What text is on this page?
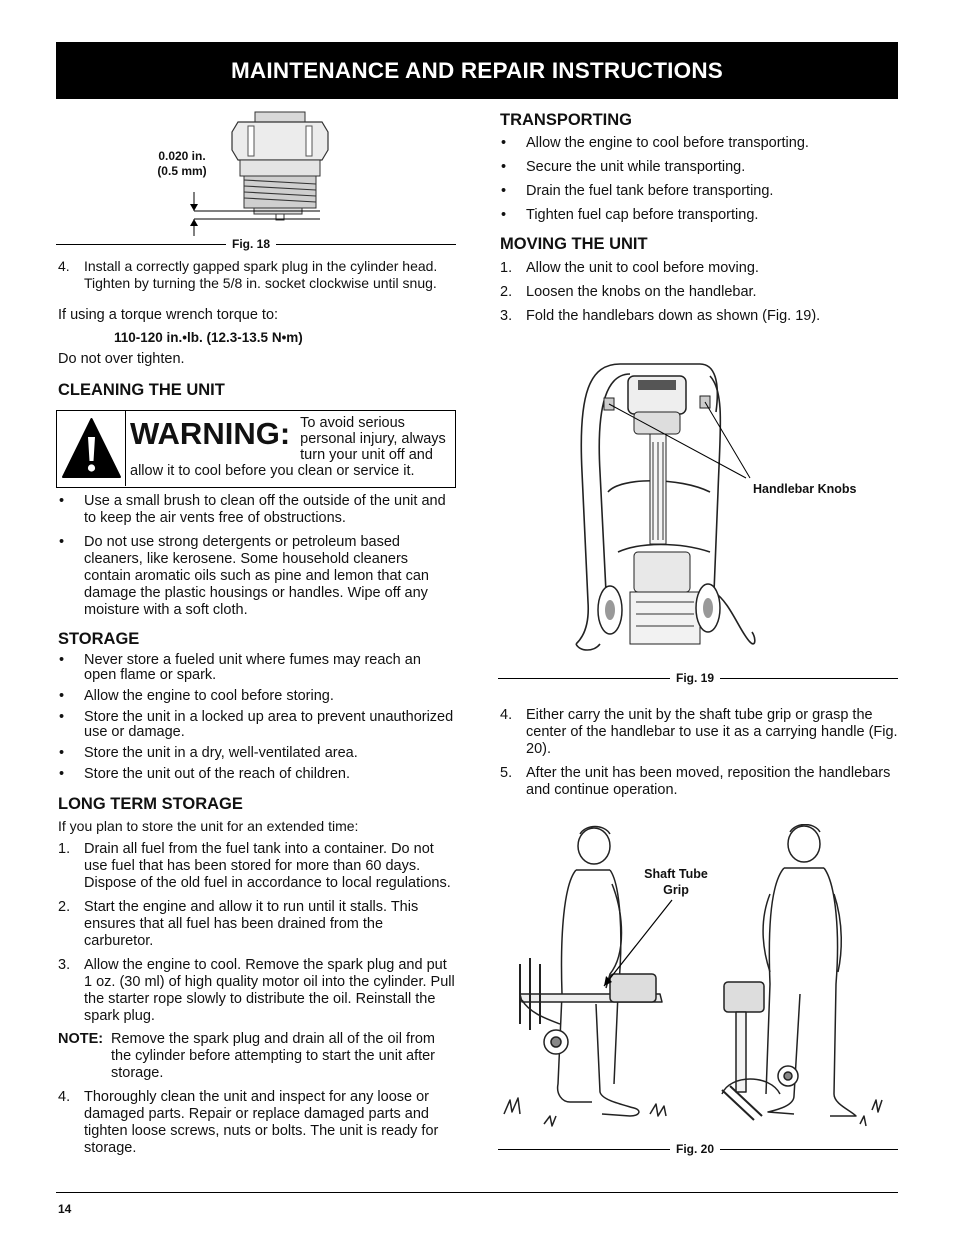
MAINTENANCE AND REPAIR INSTRUCTIONS
0.020 in.
(0.5 mm)
Fig. 18
4. Install a correctly gapped spark plug in the cylinder head. Tighten by turning the 5/8 in. socket clockwise until snug.
If using a torque wrench torque to:
110-120 in.•lb. (12.3-13.5 N•m)
Do not over tighten.
CLEANING THE UNIT
WARNING: To avoid serious personal injury, always turn your unit off and allow it to cool before you clean or service it.
• Use a small brush to clean off the outside of the unit and to keep the air vents free of obstructions.
• Do not use strong detergents or petroleum based cleaners, like kerosene. Some household cleaners contain aromatic oils such as pine and lemon that can damage the plastic housings or handles. Wipe off any moisture with a soft cloth.
STORAGE
• Never store a fueled unit where fumes may reach an open flame or spark.
• Allow the engine to cool before storing.
• Store the unit in a locked up area to prevent unauthorized use or damage.
• Store the unit in a dry, well-ventilated area.
• Store the unit out of the reach of children.
LONG TERM STORAGE
If you plan to store the unit for an extended time:
1. Drain all fuel from the fuel tank into a container. Do not use fuel that has been stored for more than 60 days. Dispose of the old fuel in accordance to local regulations.
2. Start the engine and allow it to run until it stalls. This ensures that all fuel has been drained from the carburetor.
3. Allow the engine to cool. Remove the spark plug and put 1 oz. (30 ml) of high quality motor oil into the cylinder. Pull the starter rope slowly to distribute the oil. Reinstall the spark plug.
NOTE: Remove the spark plug and drain all of the oil from the cylinder before attempting to start the unit after storage.
4. Thoroughly clean the unit and inspect for any loose or damaged parts. Repair or replace damaged parts and tighten loose screws, nuts or bolts. The unit is ready for storage.
TRANSPORTING
• Allow the engine to cool before transporting.
• Secure the unit while transporting.
• Drain the fuel tank before transporting.
• Tighten fuel cap before transporting.
MOVING THE UNIT
1. Allow the unit to cool before moving.
2. Loosen the knobs on the handlebar.
3. Fold the handlebars down as shown (Fig. 19).
Handlebar Knobs
Fig. 19
4. Either carry the unit by the shaft tube grip or grasp the center of the handlebar to use it as a carrying handle (Fig. 20).
5. After the unit has been moved, reposition the handlebars and continue operation.
Shaft Tube
Grip
Fig. 20
14
